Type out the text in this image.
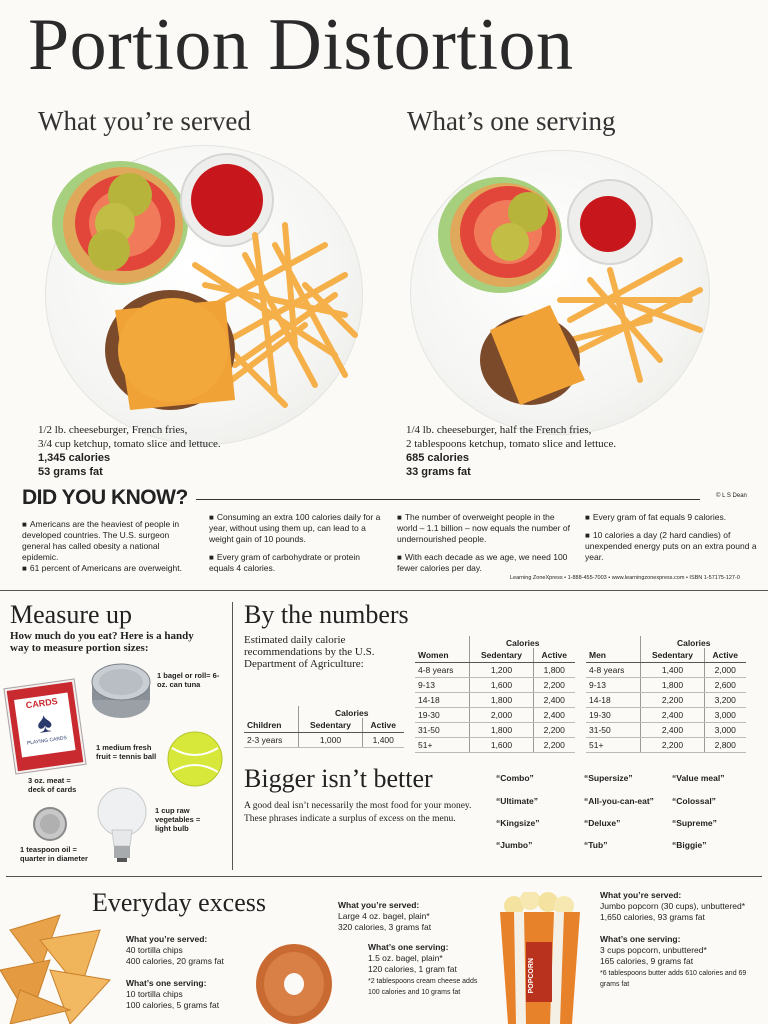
Portion Distortion
What you’re served	What’s one serving
1/2 lb. cheeseburger, French fries,
3/4 cup ketchup, tomato slice and lettuce.
1,345 calories
53 grams fat
1/4 lb. cheeseburger, half the French fries,
2 tablespoons ketchup, tomato slice and lettuce.
685 calories
33 grams fat
DID YOU KNOW?	© L S Dean
■ Americans are the heaviest of people in developed countries. The U.S. surgeon general has called obesity a national epidemic.
■ 61 percent of Americans are overweight.
■ Consuming an extra 100 calories daily for a year, without using them up, can lead to a weight gain of 10 pounds.
■ Every gram of carbohydrate or protein equals 4 calories.
■ The number of overweight people in the world – 1.1 billion – now equals the number of undernourished people.
■ With each decade as we age, we need 100 fewer calories per day.
■ Every gram of fat equals 9 calories.
■ 10 calories a day (2 hard candies) of unexpended energy puts on an extra pound a year.
Learning ZoneXpress • 1-888-455-7003 • www.learningzonexpress.com • ISBN 1-57175-127-0
Measure up
How much do you eat? Here is a handy way to measure portion sizes:
1 bagel or roll= 6-oz. can tuna
CARDS
♠
PLAYING CARDS
1 medium fresh fruit = tennis ball
3 oz. meat = deck of cards
1 cup raw vegetables = light bulb
1 teaspoon oil = quarter in diameter
By the numbers
Estimated daily calorie recommendations by the U.S. Department of Agriculture:
	Calories	
Children	Sedentary	Active
2-3 years	1,000	1,400
	Calories	
Women	Sedentary	Active
4-8 years	1,200	1,800
9-13	1,600	2,200
14-18	1,800	2,400
19-30	2,000	2,400
31-50	1,800	2,200
51+	1,600	2,200
	Calories	
Men	Sedentary	Active
4-8 years	1,400	2,000
9-13	1,800	2,600
14-18	2,200	3,200
19-30	2,400	3,000
31-50	2,400	3,000
51+	2,200	2,800
Bigger isn’t better
A good deal isn’t necessarily the most food for your money. These phrases indicate a surplus of excess on the menu.
“Combo”	“Supersize”	“Value meal”
“Ultimate”	“All-you-can-eat” “Colossal”
“Kingsize”	“Deluxe”	“Supreme”
“Jumbo”	“Tub”	“Biggie”
Everyday excess
What you’re served:
40 tortilla chips
400 calories, 20 grams fat

What’s one serving:
10 tortilla chips
100 calories, 5 grams fat
What you’re served:
Large 4 oz. bagel, plain*
320 calories, 3 grams fat
What’s one serving:
1.5 oz. bagel, plain*
120 calories, 1 gram fat
*2 tablespoons cream cheese adds 100 calories and 10 grams fat	POPCORN
What you’re served:
Jumbo popcorn (30 cups), unbuttered*
1,650 calories, 93 grams fat

What’s one serving:
3 cups popcorn, unbuttered*
165 calories, 9 grams fat
*6 tablespoons butter adds 610 calories and 69 grams fat
